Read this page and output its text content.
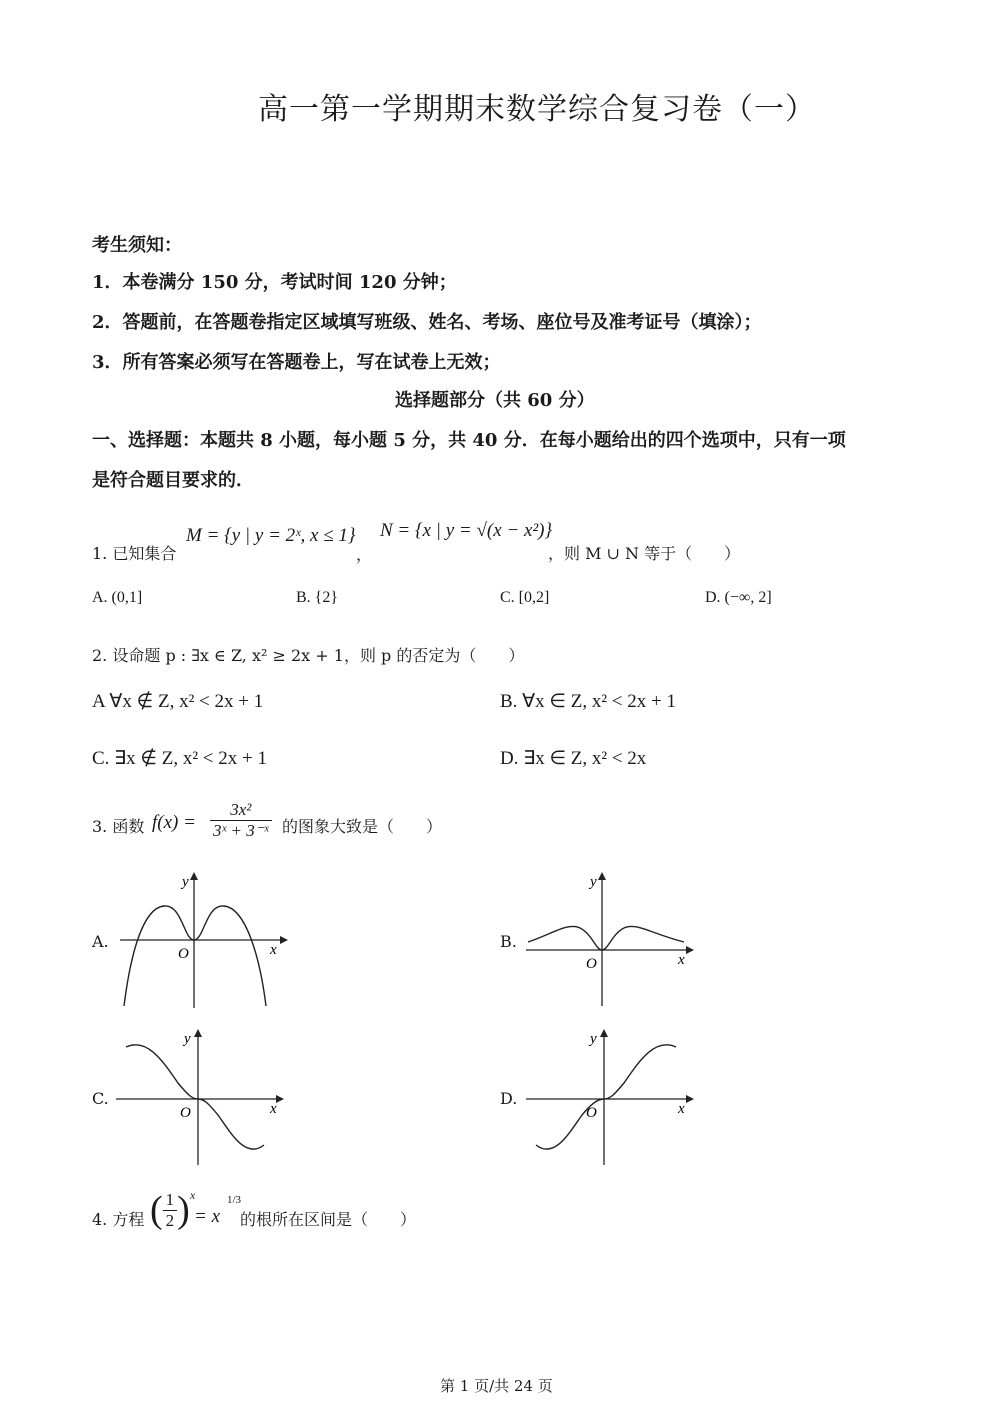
高一第一学期期末数学综合复习卷（一）
考生须知：
1．本卷满分 150 分，考试时间 120 分钟；
2．答题前，在答题卷指定区域填写班级、姓名、考场、座位号及准考证号（填涂）；
3．所有答案必须写在答题卷上，写在试卷上无效；
选择题部分（共 60 分）
一、选择题：本题共 8 小题，每小题 5 分，共 40 分．在每小题给出的四个选项中，只有一项
是符合题目要求的．
1. 已知集合
M = {y | y = 2ˣ, x ≤ 1}
，
N = {x | y = √(x − x²)}
，则 M ∪ N 等于（　　）
A. (0,1]	B. {2}	C. [0,2]	D. (−∞, 2]
2. 设命题 p : ∃x ∈ Z, x² ≥ 2x + 1，则 p 的否定为（　　）
A ∀x ∉ Z, x² < 2x + 1	B. ∀x ∈ Z, x² < 2x + 1
C. ∃x ∉ Z, x² < 2x + 1	D. ∃x ∈ Z, x² < 2x
3. 函数 $f(x) = \frac{\text{3x²}}{\text{3ˣ + 3⁻ˣ}}$ 的图象大致是（　　）
A.	x
y
O
B.
x
y
O
C.
x
y
O
D.
x
y
O
4. 方程 ( $\frac{1}{2} )^x$
= x
1/3
的根所在区间是（　　）
第 1 页/共 24 页
